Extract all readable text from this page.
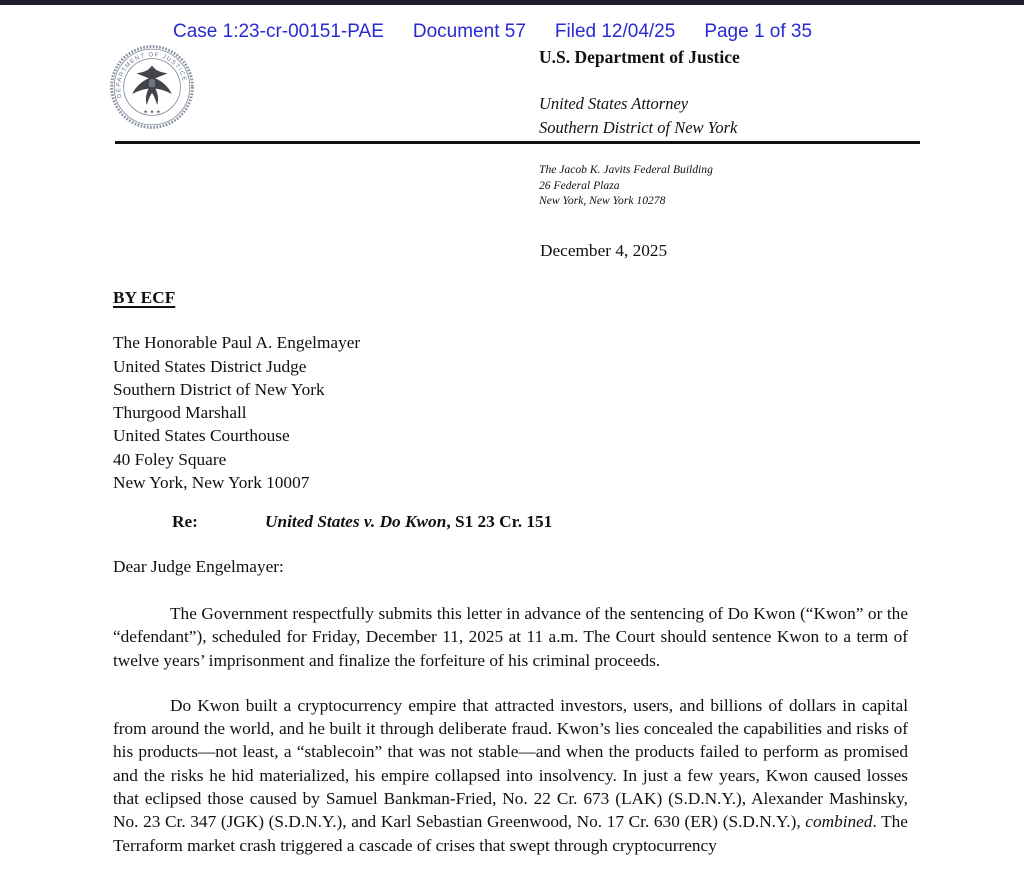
Case 1:23-cr-00151-PAE Document 57 Filed 12/04/25 Page 1 of 35
DEPARTMENT OF JUSTICE
★ ★ ★
U.S. Department of Justice
United States Attorney
Southern District of New York
The Jacob K. Javits Federal Building
26 Federal Plaza
New York, New York 10278
December 4, 2025
BY ECF
The Honorable Paul A. Engelmayer
United States District Judge
Southern District of New York
Thurgood Marshall
United States Courthouse
40 Foley Square
New York, New York 10007
Re:	United States v. Do Kwon, S1 23 Cr. 151
Dear Judge Engelmayer:

The Government respectfully submits this letter in advance of the sentencing of Do Kwon (“Kwon” or the “defendant”), scheduled for Friday, December 11, 2025 at 11 a.m. The Court should sentence Kwon to a term of twelve years’ imprisonment and finalize the forfeiture of his criminal proceeds.

Do Kwon built a cryptocurrency empire that attracted investors, users, and billions of dollars in capital from around the world, and he built it through deliberate fraud. Kwon’s lies concealed the capabilities and risks of his products—not least, a “stablecoin” that was not stable—and when the products failed to perform as promised and the risks he hid materialized, his empire collapsed into insolvency. In just a few years, Kwon caused losses that eclipsed those caused by Samuel Bankman-Fried, No. 22 Cr. 673 (LAK) (S.D.N.Y.), Alexander Mashinsky, No. 23 Cr. 347 (JGK) (S.D.N.Y.), and Karl Sebastian Greenwood, No. 17 Cr. 630 (ER) (S.D.N.Y.), combined. The Terraform market crash triggered a cascade of crises that swept through cryptocurrency
